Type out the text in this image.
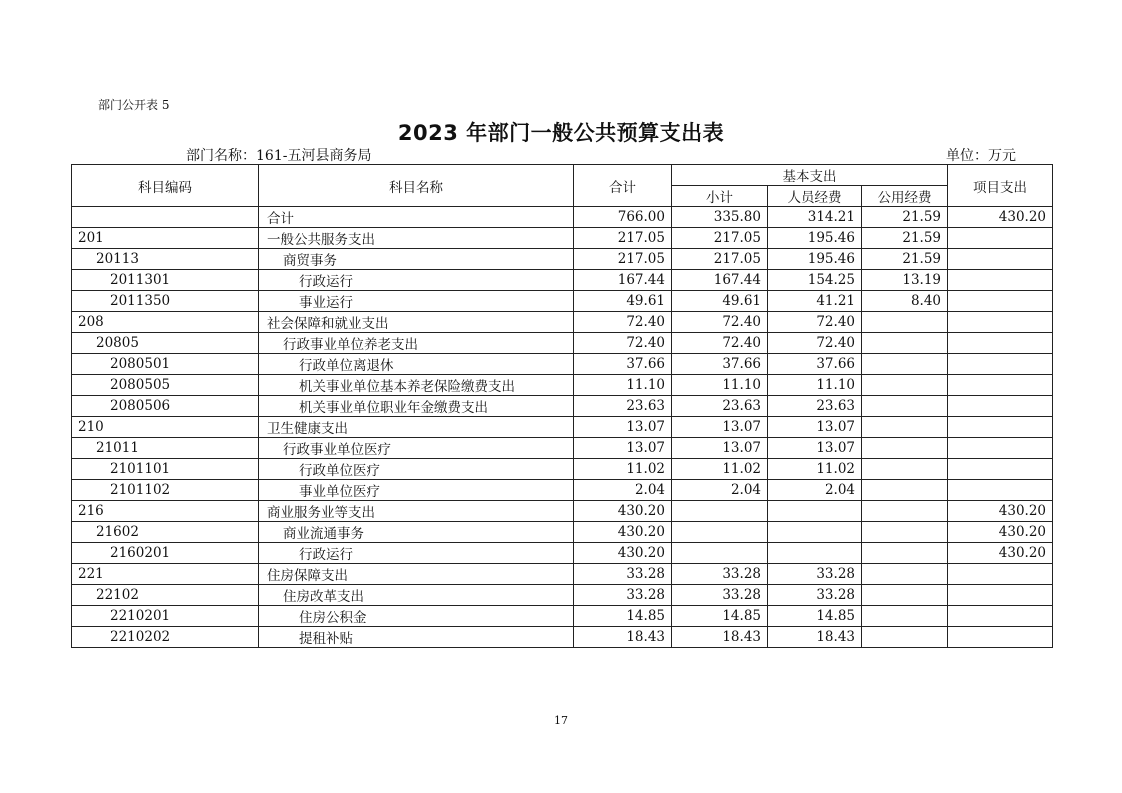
部门公开表 5
2023 年部门一般公共预算支出表
部门名称：161-五河县商务局	单位：万元
科目编码	科目名称	合计	基本支出			项目支出
			小计	人员经费	公用经费	
	合计	766.00	335.80	314.21	21.59	430.20
201	一般公共服务支出	217.05	217.05	195.46	21.59	
20113	商贸事务	217.05	217.05	195.46	21.59	
2011301	行政运行	167.44	167.44	154.25	13.19	
2011350	事业运行	49.61	49.61	41.21	8.40	
208	社会保障和就业支出	72.40	72.40	72.40		
20805	行政事业单位养老支出	72.40	72.40	72.40		
2080501	行政单位离退休	37.66	37.66	37.66		
2080505	机关事业单位基本养老保险缴费支出	11.10	11.10	11.10		
2080506	机关事业单位职业年金缴费支出	23.63	23.63	23.63		
210	卫生健康支出	13.07	13.07	13.07		
21011	行政事业单位医疗	13.07	13.07	13.07		
2101101	行政单位医疗	11.02	11.02	11.02		
2101102	事业单位医疗	2.04	2.04	2.04		
216	商业服务业等支出	430.20				430.20
21602	商业流通事务	430.20				430.20
2160201	行政运行	430.20				430.20
221	住房保障支出	33.28	33.28	33.28		
22102	住房改革支出	33.28	33.28	33.28		
2210201	住房公积金	14.85	14.85	14.85		
2210202	提租补贴	18.43	18.43	18.43		
17
